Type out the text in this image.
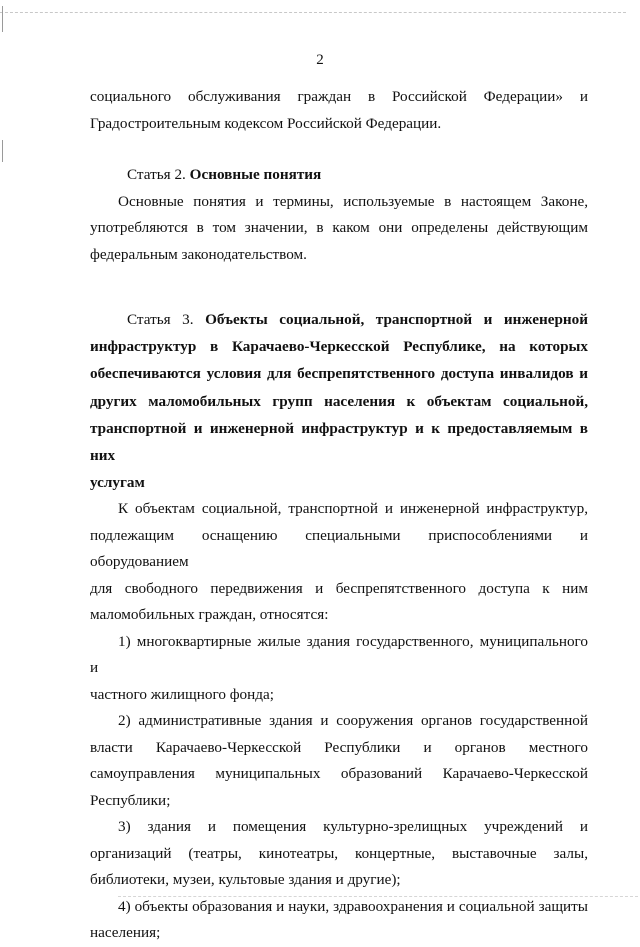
2

социального обслуживания граждан в Российской Федерации» и

Градостроительным кодексом Российской Федерации.

Статья 2. Основные понятия

Основные понятия и термины, используемые в настоящем Законе,

употребляются в том значении, в каком они определены действующим

федеральным законодательством.

Статья 3. Объекты социальной, транспортной и инженерной
инфраструктур в Карачаево-Черкесской Республике, на которых
обеспечиваются условия для беспрепятственного доступа инвалидов и
других маломобильных групп населения к объектам социальной,
транспортной и инженерной инфраструктур и к предоставляемым в них
услугам

К объектам социальной, транспортной и инженерной инфраструктур,

подлежащим оснащению специальными приспособлениями и оборудованием

для свободного передвижения и беспрепятственного доступа к ним

маломобильных граждан, относятся:

1) многоквартирные жилые здания государственного, муниципального и

частного жилищного фонда;

2) административные здания и сооружения органов государственной

власти Карачаево-Черкесской Республики и органов местного

самоуправления муниципальных образований Карачаево-Черкесской

Республики;

3) здания и помещения культурно-зрелищных учреждений и

организаций (театры, кинотеатры, концертные, выставочные залы,

библиотеки, музеи, культовые здания и другие);

4) объекты образования и науки, здравоохранения и социальной защиты

населения;
